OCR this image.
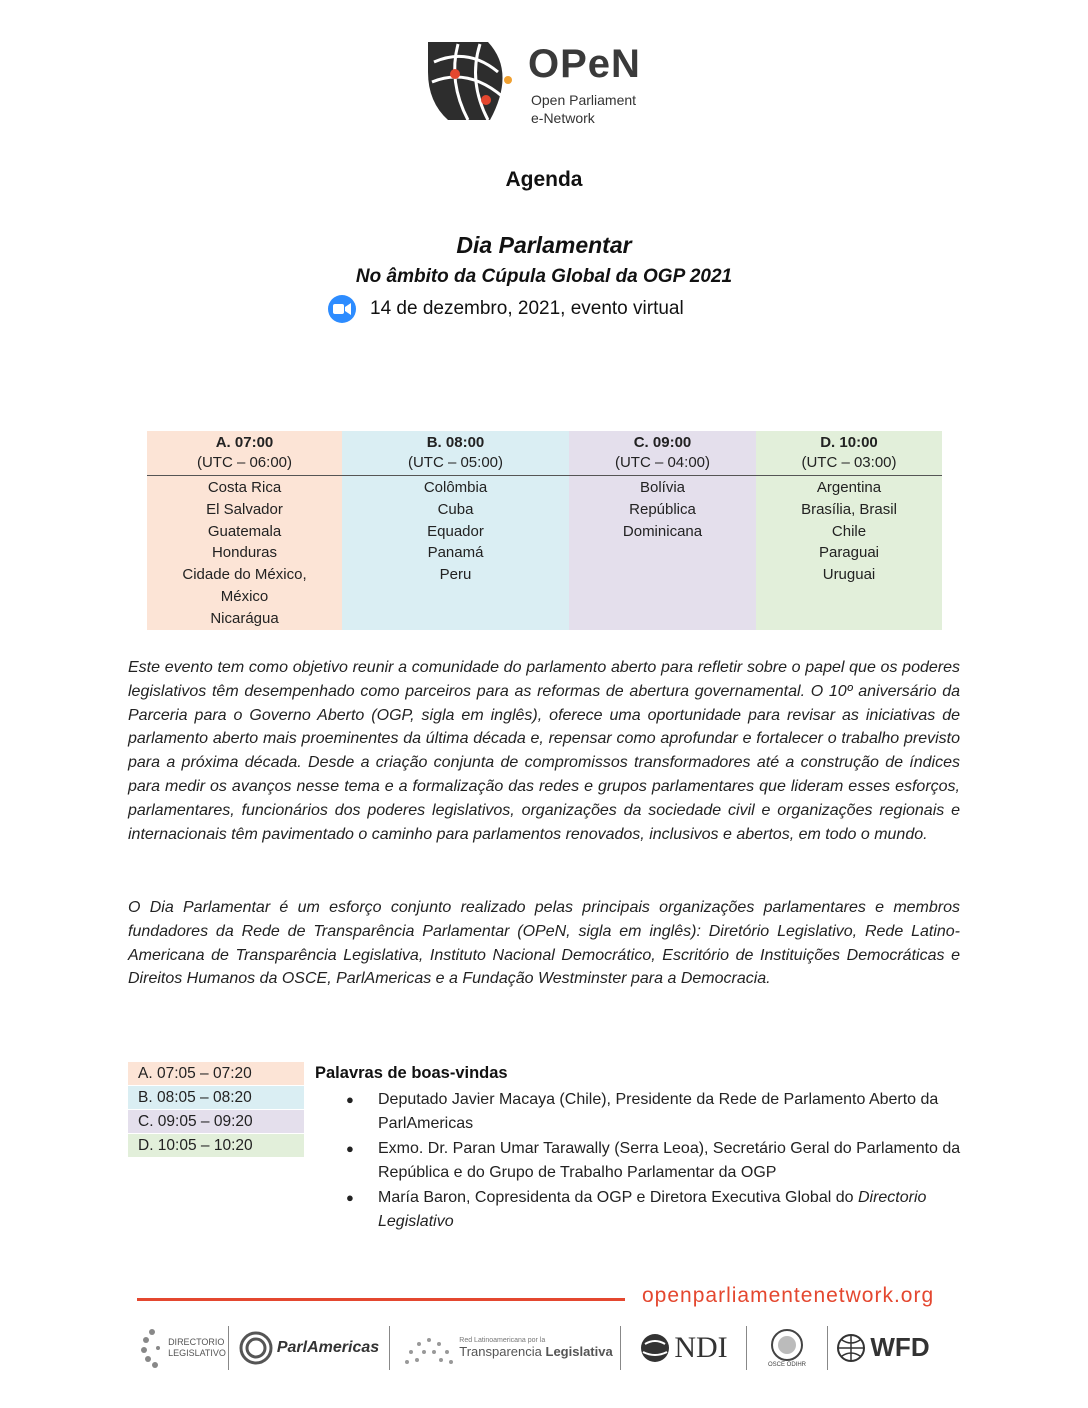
OPeN
Open Parliament
e-Network
Agenda
Dia Parlamentar
No âmbito da Cúpula Global da OGP 2021
14 de dezembro, 2021, evento virtual
A. 07:00
(UTC – 06:00)
Costa Rica
El Salvador
Guatemala
Honduras
Cidade do México,
México
Nicarágua
B. 08:00
(UTC – 05:00)
Colômbia
Cuba
Equador
Panamá
Peru
C. 09:00
(UTC – 04:00)
Bolívia
República
Dominicana
D. 10:00
(UTC – 03:00)
Argentina
Brasília, Brasil
Chile
Paraguai
Uruguai
Este evento tem como objetivo reunir a comunidade do parlamento aberto para refletir sobre o papel que os poderes legislativos têm desempenhado como parceiros para as reformas de abertura governamental. O 10º aniversário da Parceria para o Governo Aberto (OGP, sigla em inglês), oferece uma oportunidade para revisar as iniciativas de parlamento aberto mais proeminentes da última década e, repensar como aprofundar e fortalecer o trabalho previsto para a próxima década. Desde a criação conjunta de compromissos transformadores até a construção de índices para medir os avanços nesse tema e a formalização das redes e grupos parlamentares que lideram esses esforços, parlamentares, funcionários dos poderes legislativos, organizações da sociedade civil e organizações regionais e internacionais têm pavimentado o caminho para parlamentos renovados, inclusivos e abertos, em todo o mundo.
O Dia Parlamentar é um esforço conjunto realizado pelas principais organizações parlamentares e membros fundadores da Rede de Transparência Parlamentar (OPeN, sigla em inglês): Diretório Legislativo, Rede Latino-Americana de Transparência Legislativa, Instituto Nacional Democrático, Escritório de Instituições Democráticas e Direitos Humanos da OSCE, ParlAmericas e a Fundação Westminster para a Democracia.
A. 07:05 – 07:20
B. 08:05 – 08:20
C. 09:05 – 09:20
D. 10:05 – 10:20
Palavras de boas-vindas
● Deputado Javier Macaya (Chile), Presidente da Rede de Parlamento Aberto da ParlAmericas
● Exmo. Dr. Paran Umar Tarawally (Serra Leoa), Secretário Geral do Parlamento da República e do Grupo de Trabalho Parlamentar da OGP
● María Baron, Copresidenta da OGP e Diretora Executiva Global do Directorio Legislativo
openparliamentenetwork.org
DIRECTORIO
LEGISLATIVO	ParlAmericas	Red Latinoamericana por la
Transparencia Legislativa NDI
OSCE ODIHR
WFD
